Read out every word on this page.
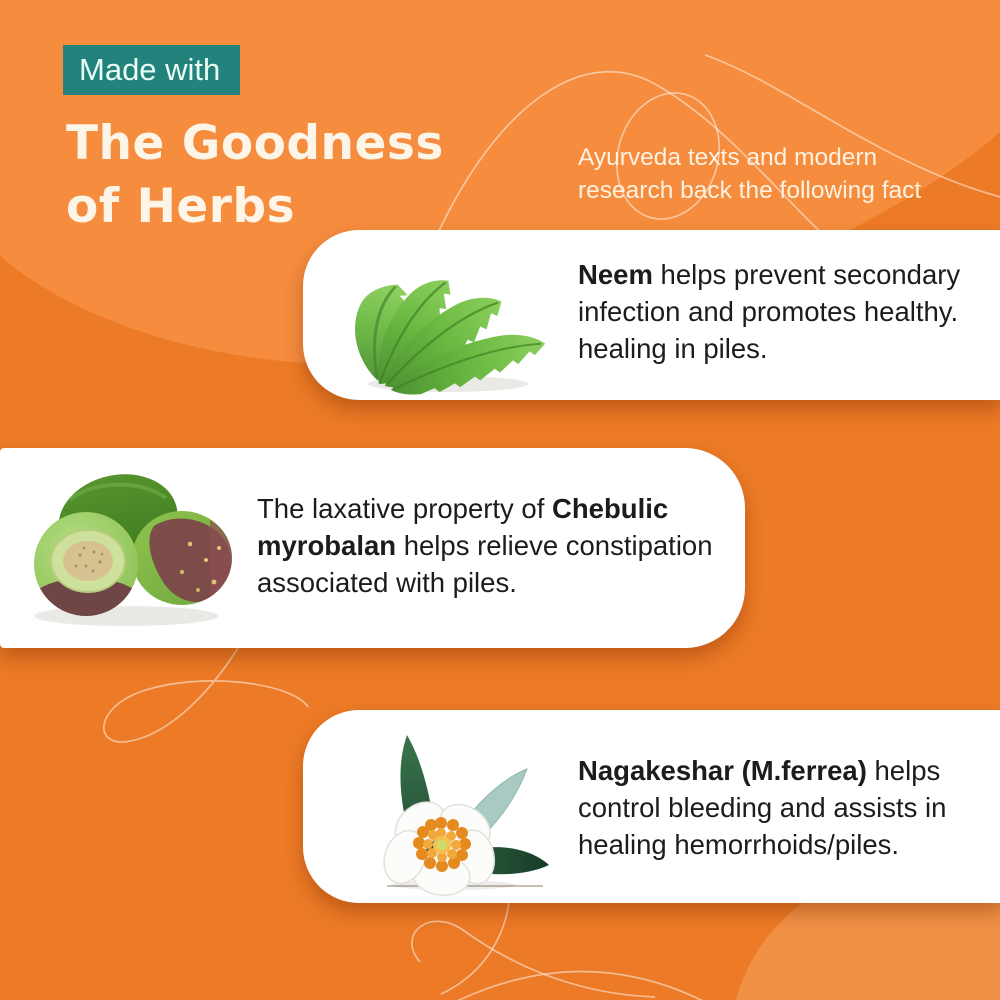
Made with
The Goodness
of Herbs
Ayurveda texts and modern
research back the following fact
Neem helps prevent secondary
infection and promotes healthy.
healing in piles.
The laxative property of Chebulic
myrobalan helps relieve constipation
associated with piles.
Nagakeshar (M.ferrea) helps
control bleeding and assists in
healing hemorrhoids/piles.
